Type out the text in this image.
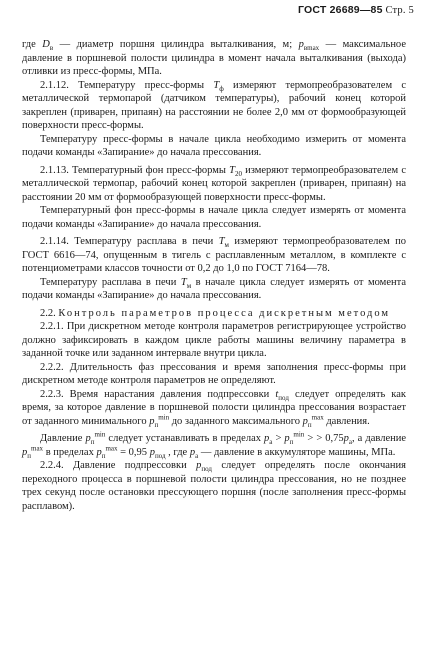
ГОСТ 26689—85 Стр. 5

где $D_в$ — диаметр поршня цилиндра выталкивания, м; $p_{вmax}$ — максимальное давление в поршневой полости цилиндра в момент начала выталкивания (выхода) отливки из пресс-формы, МПа.

2.1.12. Температуру пресс-формы $T_ф$ измеряют термопреобразователем с металлической термопарой (датчиком температуры), рабочий конец которой закреплен (приварен, припаян) на расстоянии не более 2,0 мм от формообразующей поверхности пресс-формы.

Температуру пресс-формы в начале цикла необходимо измерить от момента подачи команды «Запирание» до начала прессования.

2.1.13. Температурный фон пресс-формы $T_{20}$ измеряют термопреобразователем с металлической термопар, рабочий конец которой закреплен (приварен, припаян) на расстоянии 20 мм от формообразующей поверхности пресс-формы.

Температурный фон пресс-формы в начале цикла следует измерять от момента подачи команды «Запирание» до начала прессования.

2.1.14. Температуру расплава в печи $T_м$ измеряют термопреобразователем по ГОСТ 6616—74, опущенным в тигель с расплавленным металлом, в комплекте с потенциометрами классов точности от 0,2 до 1,0 по ГОСТ 7164—78.

Температуру расплава в печи $T_м$ в начале цикла следует измерять от момента подачи команды «Запирание» до начала прессования.

2.2. Контроль параметров процесса дискретным методом

2.2.1. При дискретном методе контроля параметров регистрирующее устройство должно зафиксировать в каждом цикле работы машины величину параметра в заданной точке или заданном интервале внутри цикла.

2.2.2. Длительность фаз прессования и время заполнения пресс-формы при дискретном методе контроля параметров не определяют.

2.2.3. Время нарастания давления подпрессовки $t_{под}$ следует определять как время, за которое давление в поршневой полости цилиндра прессования возрастает от заданного минимального $p_п^{min}$ до заданного максимального $p_п^{max}$ давления.

Давление $p_п^{min}$ следует устанавливать в пределах $p_а > p_п^{min}$ > > $0,75p_а$, а давление $p_п^{max}$ в пределах $p_п^{max} = 0,95$ $p_{под}$ , где $p_а$ — давление в аккумуляторе машины, МПа.

2.2.4. Давление подпрессовки $p_{под}$ следует определять после окончания переходного процесса в поршневой полости цилиндра прессования, но не позднее трех секунд после остановки прессующего поршня (после заполнения пресс-формы расплавом).
